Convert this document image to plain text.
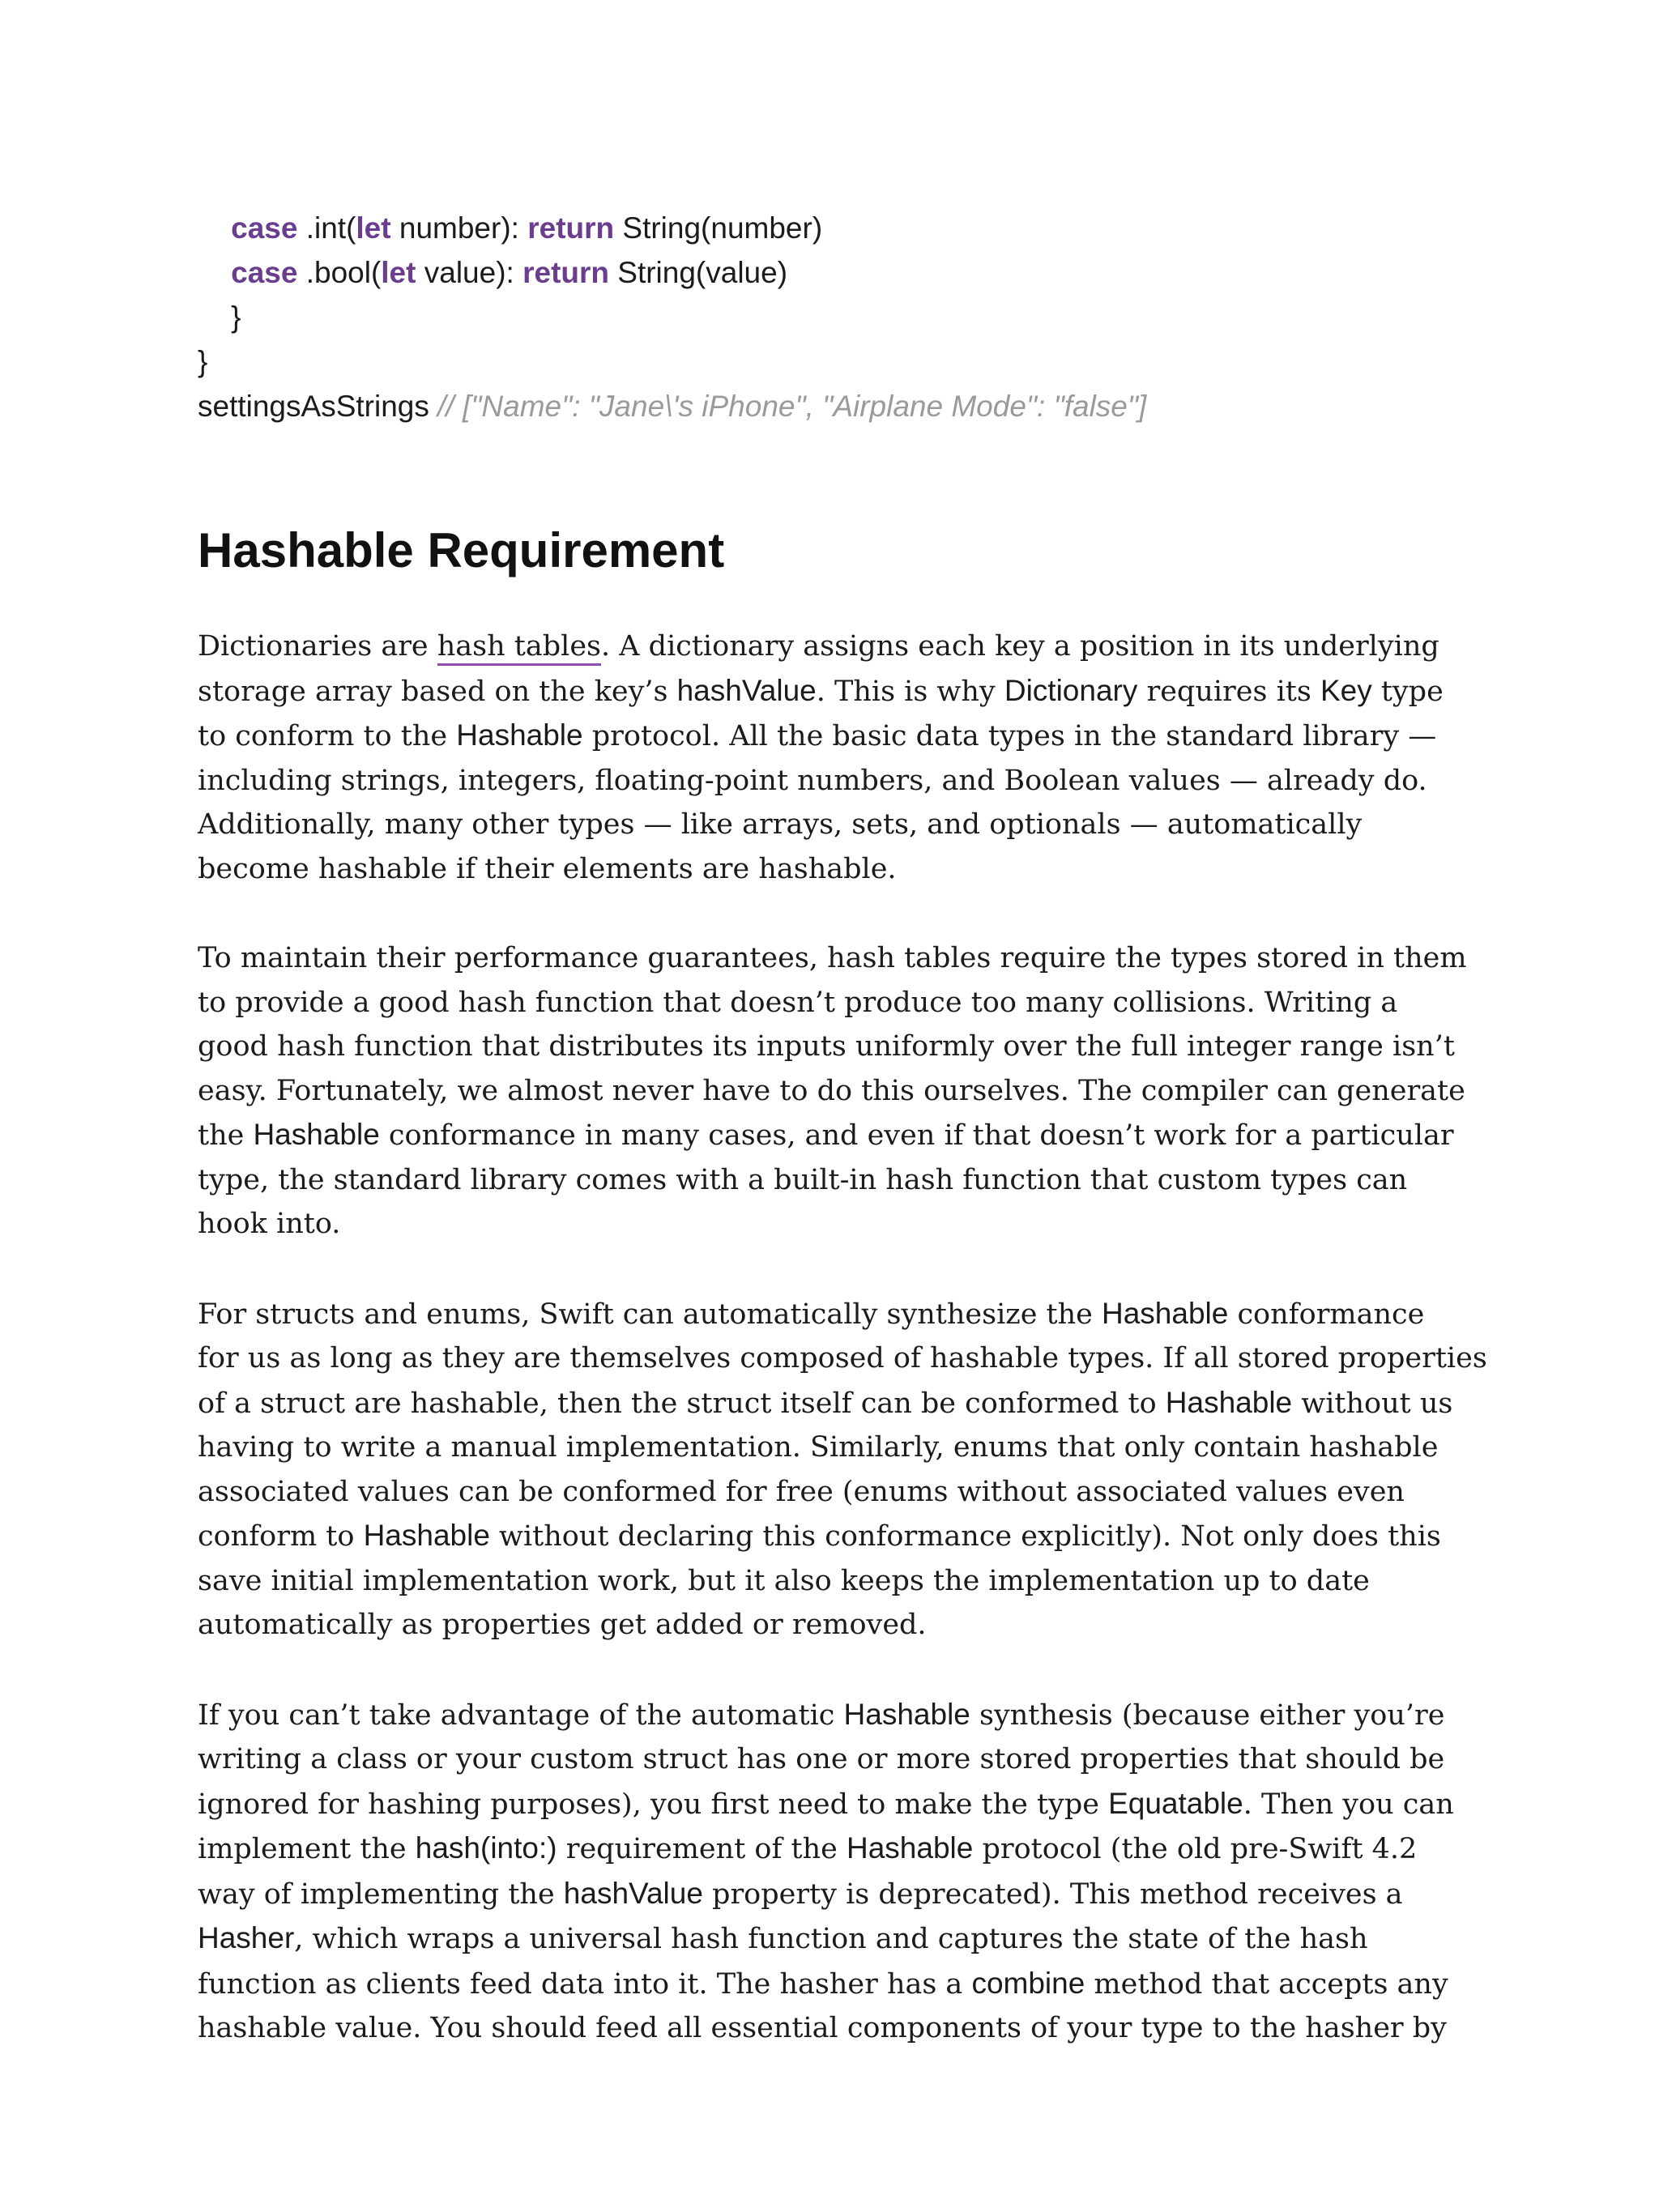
case .int(let number): return String(number)
case .bool(let value): return String(value)
}
}
settingsAsStrings // ["Name": "Jane\'s iPhone", "Airplane Mode": "false"]
Hashable Requirement

Dictionaries are hash tables. A dictionary assigns each key a position in its underlying
storage array based on the key’s hashValue. This is why Dictionary requires its Key type
to conform to the Hashable protocol. All the basic data types in the standard library —
including strings, integers, floating-point numbers, and Boolean values — already do.
Additionally, many other types — like arrays, sets, and optionals — automatically
become hashable if their elements are hashable.

To maintain their performance guarantees, hash tables require the types stored in them
to provide a good hash function that doesn’t produce too many collisions. Writing a
good hash function that distributes its inputs uniformly over the full integer range isn’t
easy. Fortunately, we almost never have to do this ourselves. The compiler can generate
the Hashable conformance in many cases, and even if that doesn’t work for a particular
type, the standard library comes with a built-in hash function that custom types can
hook into.

For structs and enums, Swift can automatically synthesize the Hashable conformance
for us as long as they are themselves composed of hashable types. If all stored properties
of a struct are hashable, then the struct itself can be conformed to Hashable without us
having to write a manual implementation. Similarly, enums that only contain hashable
associated values can be conformed for free (enums without associated values even
conform to Hashable without declaring this conformance explicitly). Not only does this
save initial implementation work, but it also keeps the implementation up to date
automatically as properties get added or removed.

If you can’t take advantage of the automatic Hashable synthesis (because either you’re
writing a class or your custom struct has one or more stored properties that should be
ignored for hashing purposes), you first need to make the type Equatable. Then you can
implement the hash(into:) requirement of the Hashable protocol (the old pre-Swift 4.2
way of implementing the hashValue property is deprecated). This method receives a
Hasher, which wraps a universal hash function and captures the state of the hash
function as clients feed data into it. The hasher has a combine method that accepts any
hashable value. You should feed all essential components of your type to the hasher by
